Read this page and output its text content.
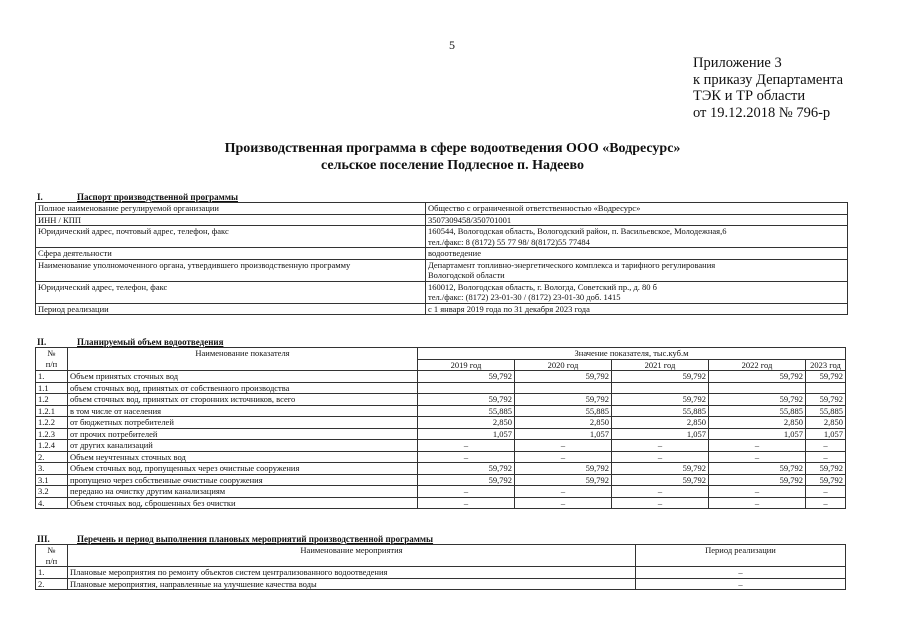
5
Приложение 3
к приказу Департамента
ТЭК и ТР области
от 19.12.2018 № 796-р
Производственная программа в сфере водоотведения ООО «Водресурс»
сельское поселение Подлесное п. Надеево
I.	Паспорт производственной программы
Полное наименование регулируемой организации	Общество с ограниченной ответственностью «Водресурс»
ИНН / КПП	3507309458/350701001
Юридический адрес, почтовый адрес, телефон, факс	160544, Вологодская область, Вологодский район, п. Васильевское, Молодежная,6
тел./факс: 8 (8172) 55 77 98/ 8(8172)55 77484

Сфера деятельности	водоотведение
Наименование уполномоченного органа, утвердившего производственную программу	Департамент топливно-энергетического комплекса и тарифного регулирования
Вологодской области

Юридический адрес, телефон, факс	160012, Вологодская область, г. Вологда, Советский пр., д. 80 б
тел./факс: (8172) 23-01-30 / (8172) 23-01-30 доб. 1415

Период реализации	с 1 января 2019 года по 31 декабря 2023 года
II.	Планируемый объем водоотведения
№
п/п	Наименование показателя	Значение показателя, тыс.куб.м				
		2019 год	2020 год	2021 год	2022 год	2023 год
1.	Объем принятых сточных вод	59,792	59,792	59,792	59,792	59,792
1.1	объем сточных вод, принятых от собственного производства					
1.2	объем сточных вод, принятых от сторонних источников, всего	59,792	59,792	59,792	59,792	59,792
1.2.1	в том числе от населения	55,885	55,885	55,885	55,885	55,885
1.2.2	от бюджетных потребителей	2,850	2,850	2,850	2,850	2,850
1.2.3	от прочих потребителей	1,057	1,057	1,057	1,057	1,057
1.2.4	от других канализаций	–	–	–	–	–
2.	Объем неучтенных сточных вод	–	–	–	–	–
3.	Объем сточных вод, пропущенных через очистные сооружения	59,792	59,792	59,792	59,792	59,792
3.1	пропущено через собственные очистные сооружения	59,792	59,792	59,792	59,792	59,792
3.2	передано на очистку другим канализациям	–	–	–	–	–
4.	Объем сточных вод, сброшенных без очистки	–	–	–	–	–
III.	Перечень и период выполнения плановых мероприятий производственной программы
№
п/п	Наименование мероприятия	Период реализации
1.	Плановые мероприятия по ремонту объектов систем централизованного водоотведения	–
2.	Плановые мероприятия, направленные на улучшение качества воды	–
